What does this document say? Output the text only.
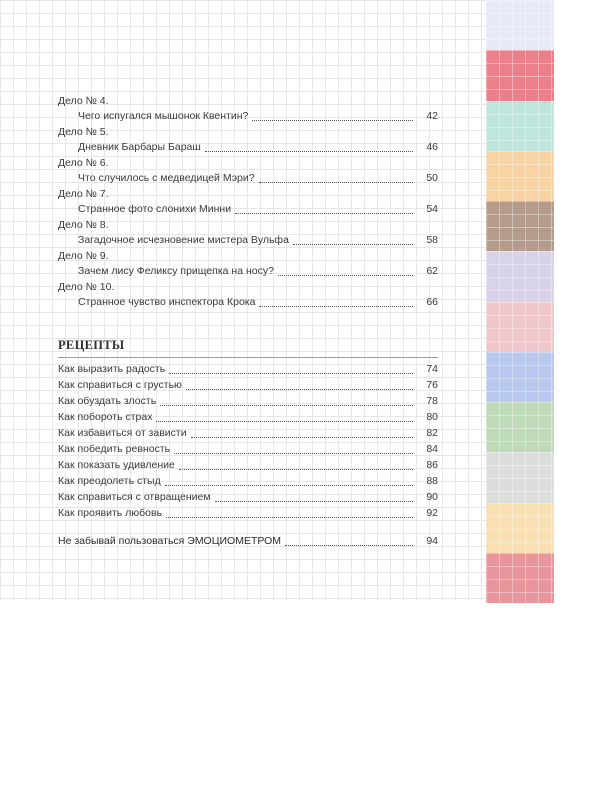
Дело № 4.
Чего испугался мышонок Квентин?	42
Дело № 5.
Дневник Барбары Бараш	46
Дело № 6.
Что случилось с медведицей Мэри?	50
Дело № 7.
Странное фото слонихи Минни	54
Дело № 8.
Загадочное исчезновение мистера Вульфа	58
Дело № 9.
Зачем лису Феликсу прищепка на носу?	62
Дело № 10.
Странное чувство инспектора Крока	66
РЕЦЕПТЫ
Как выразить радость	74
Как справиться с грустью	76
Как обуздать злость	78
Как побороть страх	80
Как избавиться от зависти	82
Как победить ревность	84
Как показать удивление	86
Как преодолеть стыд	88
Как справиться с отвращением	90
Как проявить любовь	92
Не забывай пользоваться ЭМОЦИОМЕТРОМ	94
